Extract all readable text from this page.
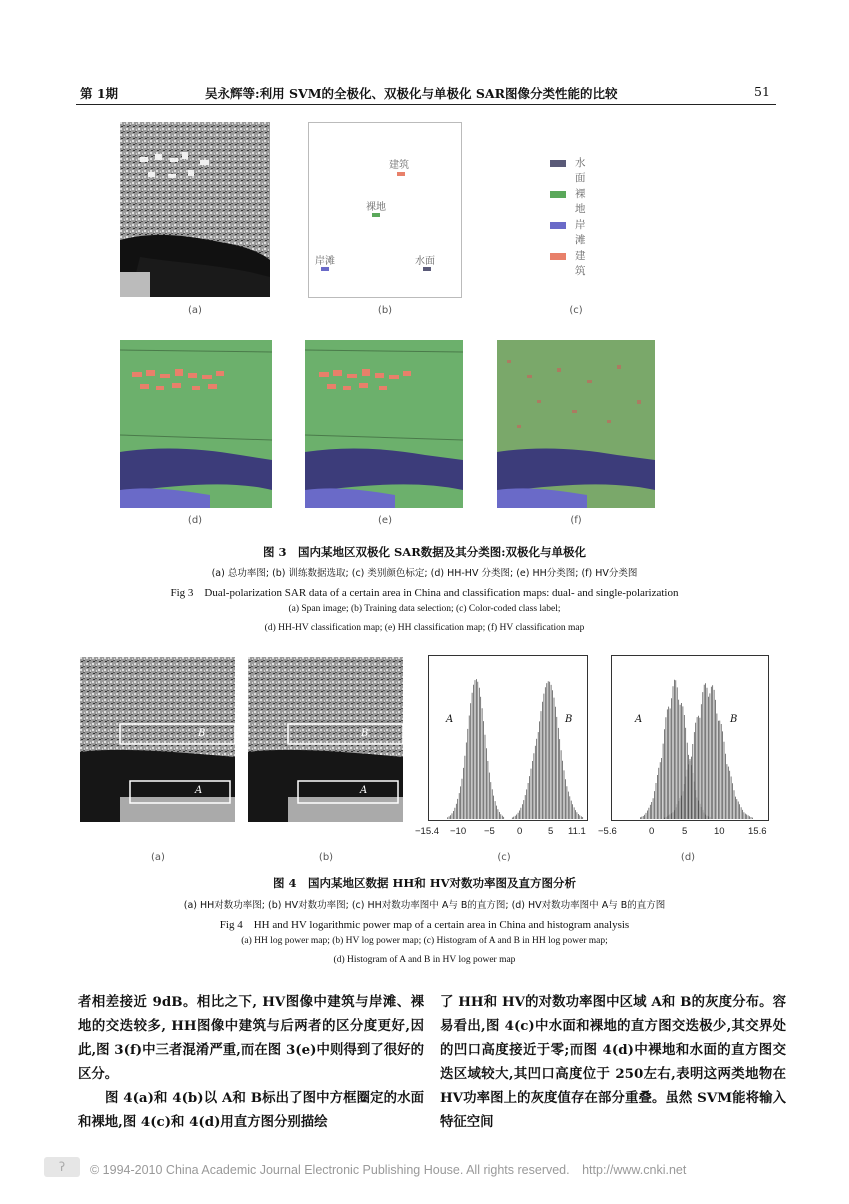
第 1期	吴永辉等:利用 SVM的全极化、双极化与单极化 SAR图像分类性能的比较	51
(a)
建筑
裸地
岸滩	水面
(b)
水面
裸地
岸滩
建筑
(c)
(d)	(e)	(f)
图 3　国内某地区双极化 SAR数据及其分类图:双极化与单极化
(a) 总功率图; (b) 训练数据选取; (c) 类别颜色标定; (d) HH-HV 分类图; (e) HH分类图; (f) HV分类图
Fig 3　Dual-polarization SAR data of a certain area in China and classification maps: dual- and single-polarization
(a) Span image; (b) Training data selection; (c) Color-coded class label;
(d) HH-HV classification map; (e) HH classification map; (f) HV classification map
B
A
B
A
A	B	A	B
−15.4 −10 −5 0	5 11.1 −5.6	0	5	10 15.6
(a)	(b)	(c)	(d)
图 4　国内某地区数据 HH和 HV对数功率图及直方图分析
(a) HH对数功率图; (b) HV对数功率图; (c) HH对数功率图中 A与 B的直方图; (d) HV对数功率图中 A与 B的直方图
Fig 4　HH and HV logarithmic power map of a certain area in China and histogram analysis
(a) HH log power map; (b) HV log power map; (c) Histogram of A and B in HH log power map;
(d) Histogram of A and B in HV log power map
者相差接近 9dB。相比之下, HV图像中建筑与岸滩、裸地的交迭较多, HH图像中建筑与后两者的区分度更好,因此,图 3(f)中三者混淆严重,而在图 3(e)中则得到了很好的区分。
　　图 4(a)和 4(b)以 A和 B标出了图中方框圈定的水面和裸地,图 4(c)和 4(d)用直方图分别描绘
了 HH和 HV的对数功率图中区域 A和 B的灰度分布。容易看出,图 4(c)中水面和裸地的直方图交迭极少,其交界处的凹口高度接近于零;而图 4(d)中裸地和水面的直方图交迭区域较大,其凹口高度位于 250左右,表明这两类地物在 HV功率图上的灰度值存在部分重叠。虽然 SVM能将输入特征空间
ʔ	© 1994-2010 China Academic Journal Electronic Publishing House. All rights reserved.　http://www.cnki.net
